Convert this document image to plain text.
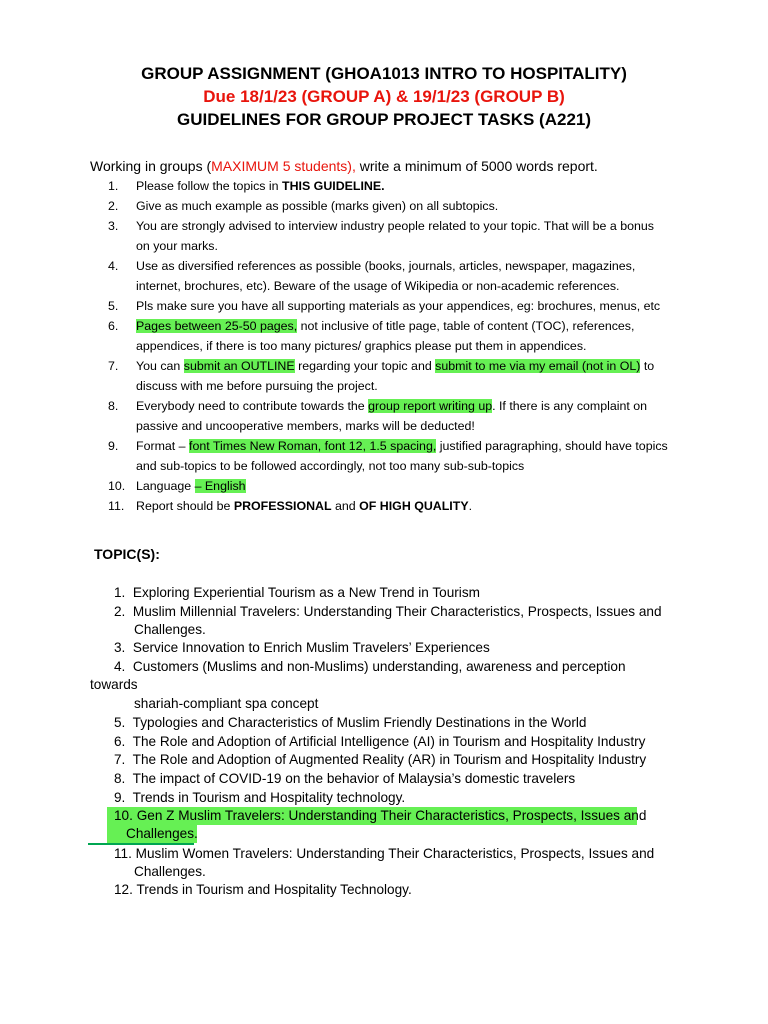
GROUP ASSIGNMENT (GHOA1013 INTRO TO HOSPITALITY)
Due 18/1/23 (GROUP A) & 19/1/23 (GROUP B)
GUIDELINES FOR GROUP PROJECT TASKS (A221)
Working in groups (MAXIMUM 5 students), write a minimum of 5000 words report.
1.	Please follow the topics in THIS GUIDELINE.
2.	Give as much example as possible (marks given) on all subtopics.
3.	You are strongly advised to interview industry people related to your topic. That will be a bonus on your marks.
4.	Use as diversified references as possible (books, journals, articles, newspaper, magazines, internet, brochures, etc). Beware of the usage of Wikipedia or non-academic references.
5.	Pls make sure you have all supporting materials as your appendices, eg: brochures, menus, etc
6.	Pages between 25-50 pages, not inclusive of title page, table of content (TOC), references, appendices, if there is too many pictures/ graphics please put them in appendices.
7.	You can submit an OUTLINE regarding your topic and submit to me via my email (not in OL) to discuss with me before pursuing the project.
8.	Everybody need to contribute towards the group report writing up. If there is any complaint on passive and uncooperative members, marks will be deducted!
9.	Format – font Times New Roman, font 12, 1.5 spacing, justified paragraphing, should have topics and sub-topics to be followed accordingly, not too many sub-sub-topics
10. Language – English
11. Report should be PROFESSIONAL and OF HIGH QUALITY.
TOPIC(S):
1. Exploring Experiential Tourism as a New Trend in Tourism
2. Muslim Millennial Travelers: Understanding Their Characteristics, Prospects, Issues and
Challenges.
3. Service Innovation to Enrich Muslim Travelers’ Experiences
4. Customers (Muslims and non-Muslims) understanding, awareness and perception
towards
shariah-compliant spa concept
5. Typologies and Characteristics of Muslim Friendly Destinations in the World
6. The Role and Adoption of Artificial Intelligence (AI) in Tourism and Hospitality Industry
7. The Role and Adoption of Augmented Reality (AR) in Tourism and Hospitality Industry
8. The impact of COVID-19 on the behavior of Malaysia’s domestic travelers
9. Trends in Tourism and Hospitality technology.
10. Gen Z Muslim Travelers: Understanding Their Characteristics, Prospects, Issues and
Challenges.
11. Muslim Women Travelers: Understanding Their Characteristics, Prospects, Issues and
Challenges.
12. Trends in Tourism and Hospitality Technology.
